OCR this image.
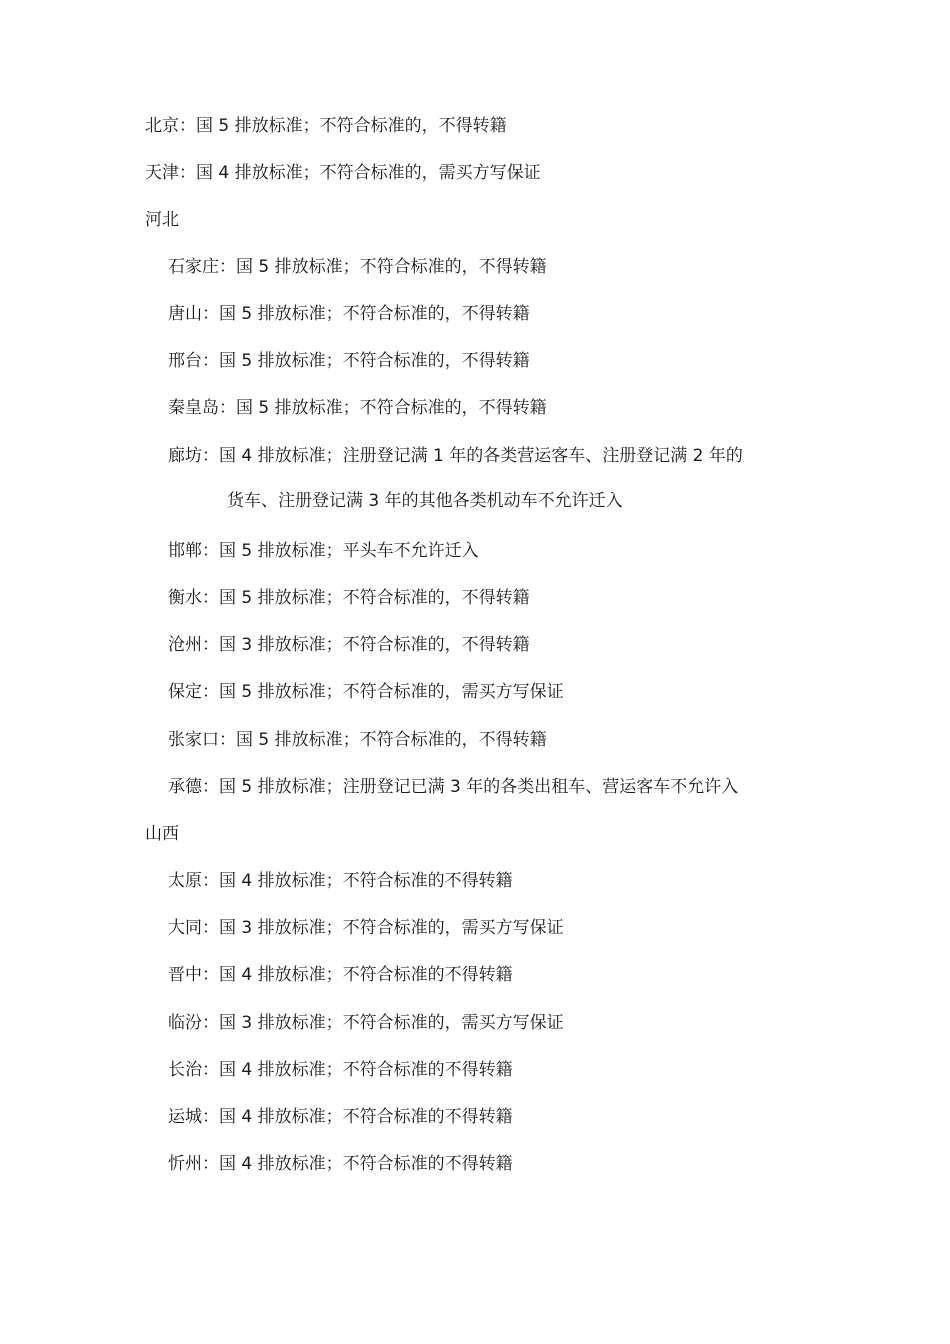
北京：国 5 排放标准；不符合标准的，不得转籍
天津：国 4 排放标准；不符合标准的，需买方写保证
河北
石家庄：国 5 排放标准；不符合标准的，不得转籍
唐山：国 5 排放标准；不符合标准的，不得转籍
邢台：国 5 排放标准；不符合标准的，不得转籍
秦皇岛：国 5 排放标准；不符合标准的，不得转籍
廊坊：国 4 排放标准；注册登记满 1 年的各类营运客车、注册登记满 2 年的
货车、注册登记满 3 年的其他各类机动车不允许迁入
邯郸：国 5 排放标准；平头车不允许迁入
衡水：国 5 排放标准；不符合标准的，不得转籍
沧州：国 3 排放标准；不符合标准的，不得转籍
保定：国 5 排放标准；不符合标准的，需买方写保证
张家口：国 5 排放标准；不符合标准的，不得转籍
承德：国 5 排放标准；注册登记已满 3 年的各类出租车、营运客车不允许入
山西
太原：国 4 排放标准；不符合标准的不得转籍
大同：国 3 排放标准；不符合标准的，需买方写保证
晋中：国 4 排放标准；不符合标准的不得转籍
临汾：国 3 排放标准；不符合标准的，需买方写保证
长治：国 4 排放标准；不符合标准的不得转籍
运城：国 4 排放标准；不符合标准的不得转籍
忻州：国 4 排放标准；不符合标准的不得转籍
